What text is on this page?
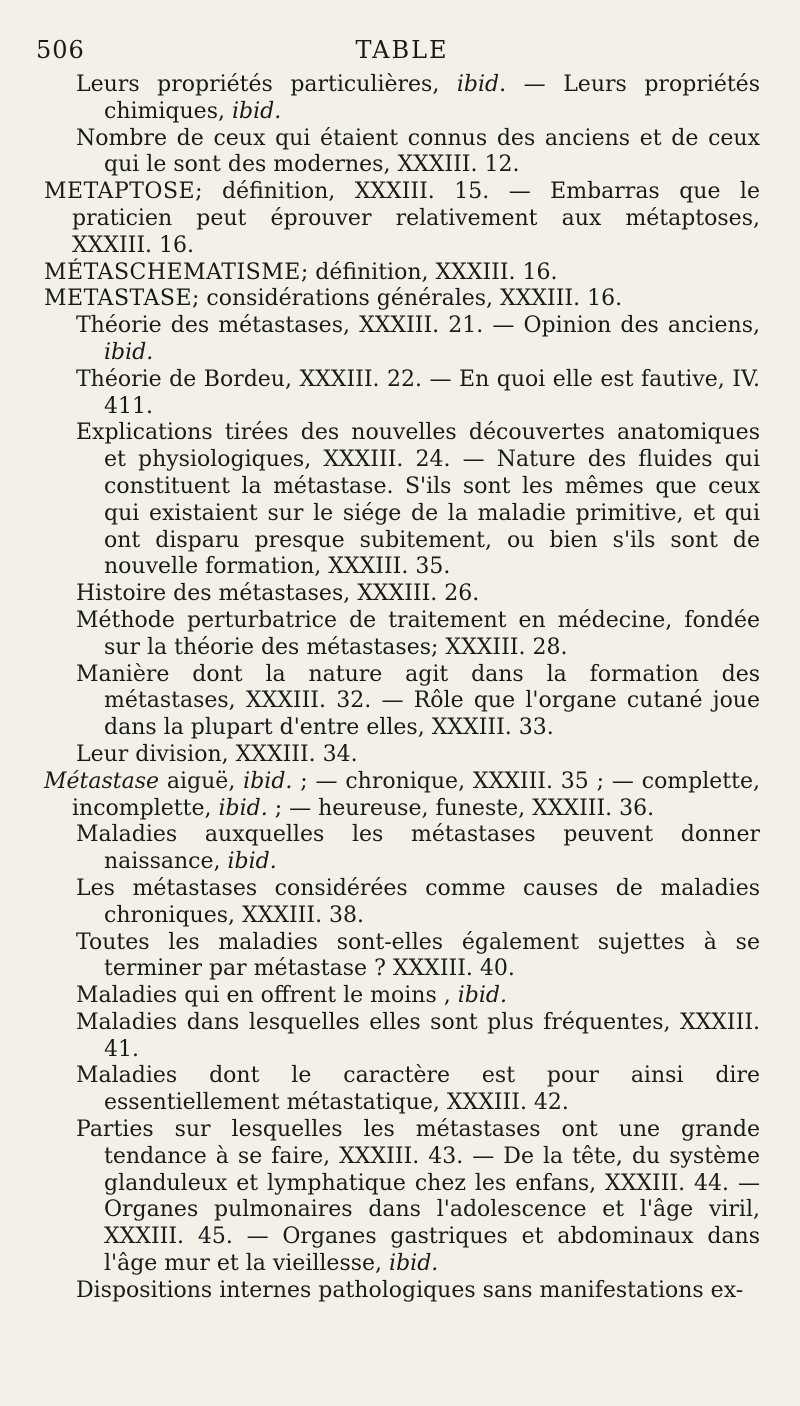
506	TABLE

Leurs propriétés particulières, ibid. — Leurs propriétés chimiques, ibid.

Nombre de ceux qui étaient connus des anciens et de ceux qui le sont des modernes, XXXIII. 12.

METAPTOSE; définition, XXXIII. 15. — Embarras que le praticien peut éprouver relativement aux métaptoses, XXXIII. 16.

MÉTASCHEMATISME; définition, XXXIII. 16.

METASTASE; considérations générales, XXXIII. 16.

Théorie des métastases, XXXIII. 21. — Opinion des anciens, ibid.

Théorie de Bordeu, XXXIII. 22. — En quoi elle est fautive, IV. 411.

Explications tirées des nouvelles découvertes anatomiques et physiologiques, XXXIII. 24. — Nature des fluides qui constituent la métastase. S'ils sont les mêmes que ceux qui existaient sur le siége de la maladie primitive, et qui ont disparu presque subitement, ou bien s'ils sont de nouvelle formation, XXXIII. 35.

Histoire des métastases, XXXIII. 26.

Méthode perturbatrice de traitement en médecine, fondée sur la théorie des métastases; XXXIII. 28.

Manière dont la nature agit dans la formation des métastases, XXXIII. 32. — Rôle que l'organe cutané joue dans la plupart d'entre elles, XXXIII. 33.

Leur division, XXXIII. 34.

Métastase aiguë, ibid. ; — chronique, XXXIII. 35 ; — complette, incomplette, ibid. ; — heureuse, funeste, XXXIII. 36.

Maladies auxquelles les métastases peuvent donner naissance, ibid.

Les métastases considérées comme causes de maladies chroniques, XXXIII. 38.

Toutes les maladies sont-elles également sujettes à se terminer par métastase ? XXXIII. 40.

Maladies qui en offrent le moins , ibid.

Maladies dans lesquelles elles sont plus fréquentes, XXXIII. 41.

Maladies dont le caractère est pour ainsi dire essentiellement métastatique, XXXIII. 42.

Parties sur lesquelles les métastases ont une grande tendance à se faire, XXXIII. 43. — De la tête, du système glanduleux et lymphatique chez les enfans, XXXIII. 44. — Organes pulmonaires dans l'adolescence et l'âge viril, XXXIII. 45. — Organes gastriques et abdominaux dans l'âge mur et la vieillesse, ibid.

Dispositions internes pathologiques sans manifestations ex-
